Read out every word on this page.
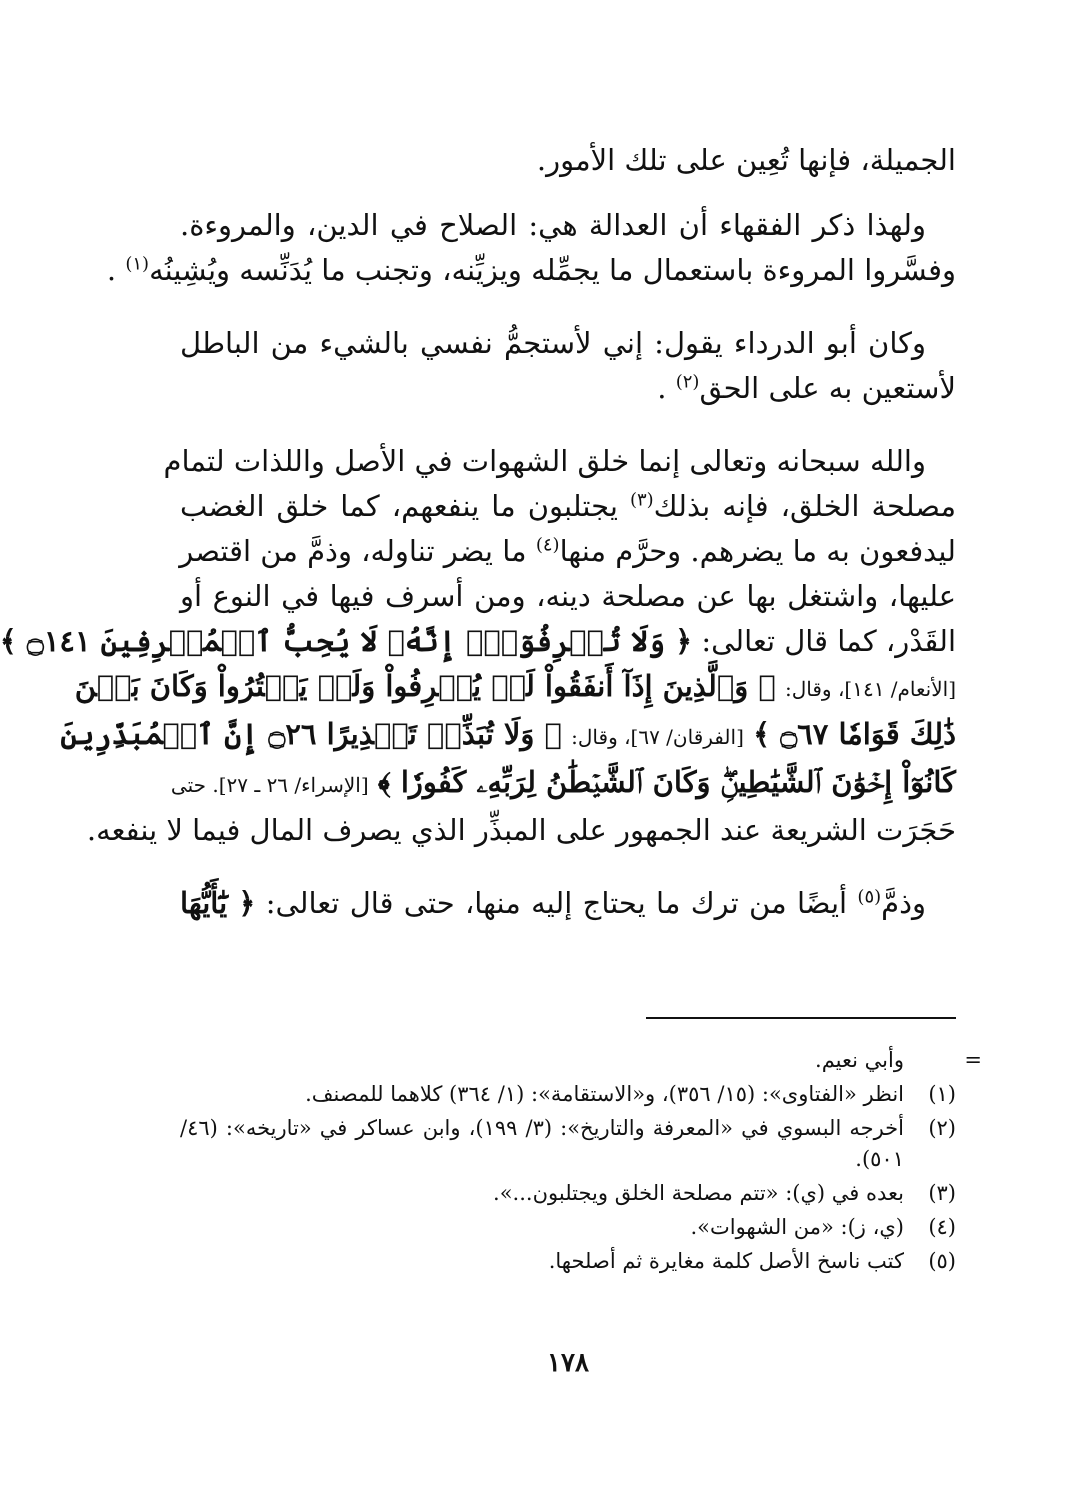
الجميلة، فإنها تُعِين على تلك الأمور.

ولهذا ذكر الفقهاء أن العدالة هي: الصلاح في الدين، والمروءة.
وفسَّروا المروءة باستعمال ما يجمِّله ويزيِّنه، وتجنب ما يُدَنِّسه ويُشِينُه$^{(١)}$ .

وكان أبو الدرداء يقول: إني لأستجمُّ نفسي بالشيء من الباطل
لأستعين به على الحق$^{(٢)}$ .

والله سبحانه وتعالى إنما خلق الشهوات في الأصل واللذات لتمام
مصلحة الخلق، فإنه بذلك$^{(٣)}$ يجتلبون ما ينفعهم، كما خلق الغضب
ليدفعون به ما يضرهم. وحرَّم منها$^{(٤)}$ ما يضر تناوله، وذمَّ من اقتصر
عليها، واشتغل بها عن مصلحة دينه، ومن أسرف فيها في النوع أو
القَدْر، كما قال تعالى: ﴿ وَلَا تُسۡرِفُوٓاْۚ إِنَّهُۥ لَا يُحِبُّ ٱلۡمُسۡرِفِينَ ۝١٤١ ﴾
[الأنعام/ ١٤١]، وقال: ﴿ وَٱلَّذِينَ إِذَآ أَنفَقُواْ لَمۡ يُسۡرِفُواْ وَلَمۡ يَقۡتُرُواْ وَكَانَ بَيۡنَ
ذَٰلِكَ قَوَامٗا ۝٦٧ ﴾ [الفرقان/ ٦٧]، وقال: ﴿ وَلَا تُبَذِّرۡ تَبۡذِيرًا ۝٢٦ إِنَّ ٱلۡمُبَذِّرِينَ
كَانُوٓاْ إِخۡوَٰنَ ٱلشَّيَٰطِينِۖ وَكَانَ ٱلشَّيۡطَٰنُ لِرَبِّهِۦ كَفُورٗا ﴾ [الإسراء/ ٢٦ ـ ٢٧]. حتى
حَجَرَت الشريعة عند الجمهور على المبذِّر الذي يصرف المال فيما لا ينفعه.

وذمَّ$^{(٥)}$ أيضًا من ترك ما يحتاج إليه منها، حتى قال تعالى: ﴿ يَٰٓأَيُّهَا

=
وأبي نعيم.
(١)
انظر «الفتاوى»: (١٥/ ٣٥٦)، و«الاستقامة»: (١/ ٣٦٤) كلاهما للمصنف.
(٢)
أخرجه البسوي في «المعرفة والتاريخ»: (٣/ ١٩٩)، وابن عساكر في «تاريخه»: (٤٦/ ٥٠١).
(٣)
بعده في (ي): «تتم مصلحة الخلق ويجتلبون...».
(٤)
(ي، ز): «من الشهوات».
(٥)
كتب ناسخ الأصل كلمة مغايرة ثم أصلحها.
١٧٨
